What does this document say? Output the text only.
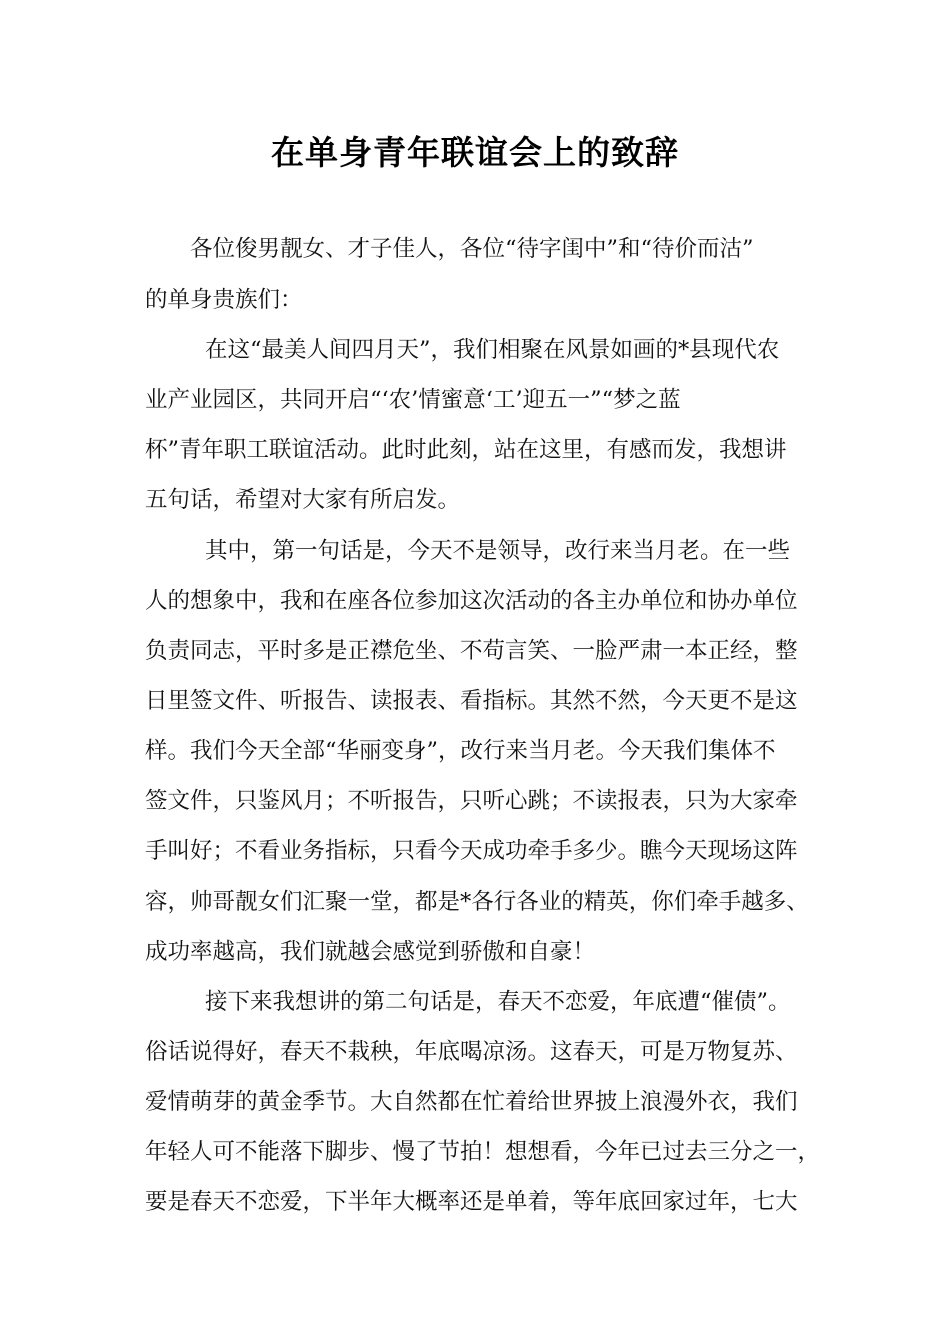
在单身青年联谊会上的致辞
各位俊男靓女、才子佳人，各位“待字闺中”和“待价而沽”
的单身贵族们：
在这“最美人间四月天”，我们相聚在风景如画的*县现代农
业产业园区，共同开启“‘农’情蜜意‘工’迎五一”“梦之蓝
杯”青年职工联谊活动。此时此刻，站在这里，有感而发，我想讲
五句话，希望对大家有所启发。
其中，第一句话是，今天不是领导，改行来当月老。在一些
人的想象中，我和在座各位参加这次活动的各主办单位和协办单位
负责同志，平时多是正襟危坐、不苟言笑、一脸严肃一本正经，整
日里签文件、听报告、读报表、看指标。其然不然，今天更不是这
样。我们今天全部“华丽变身”，改行来当月老。今天我们集体不
签文件，只鉴风月；不听报告，只听心跳；不读报表，只为大家牵
手叫好；不看业务指标，只看今天成功牵手多少。瞧今天现场这阵
容，帅哥靓女们汇聚一堂，都是*各行各业的精英，你们牵手越多、
成功率越高，我们就越会感觉到骄傲和自豪！
接下来我想讲的第二句话是，春天不恋爱，年底遭“催债”。
俗话说得好，春天不栽秧，年底喝凉汤。这春天，可是万物复苏、
爱情萌芽的黄金季节。大自然都在忙着给世界披上浪漫外衣，我们
年轻人可不能落下脚步、慢了节拍！想想看，今年已过去三分之一，
要是春天不恋爱，下半年大概率还是单着，等年底回家过年，七大
